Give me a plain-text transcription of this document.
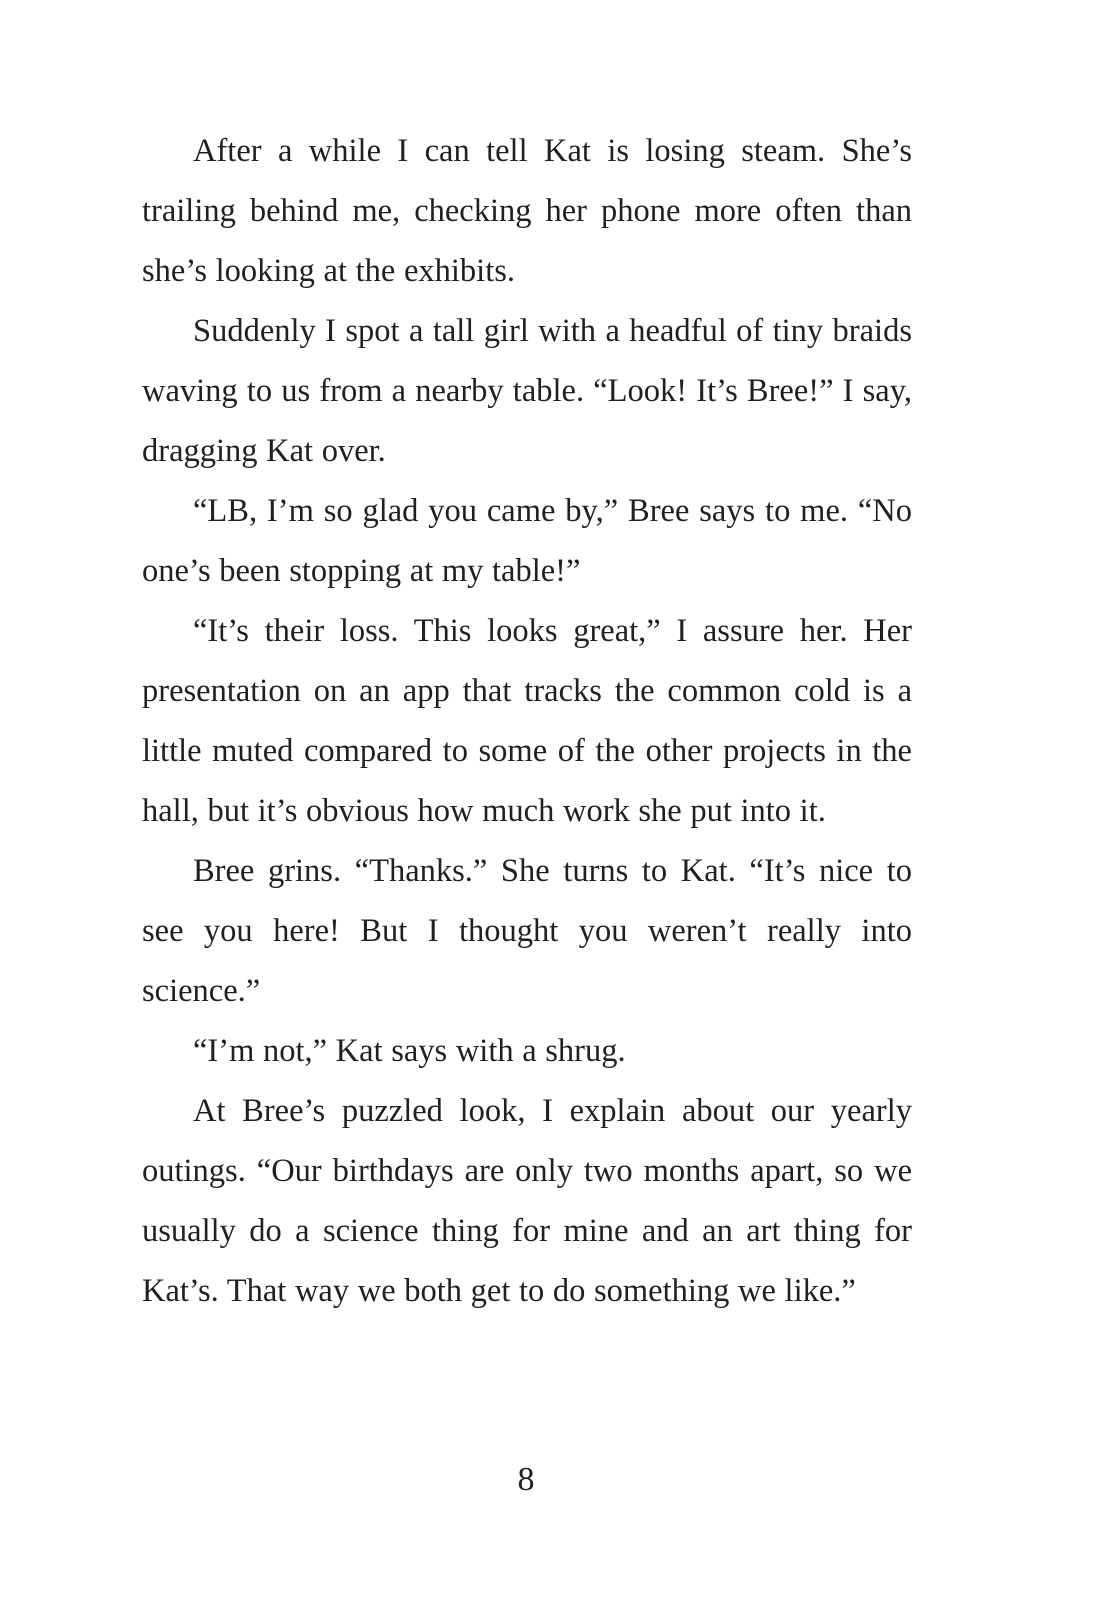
After a while I can tell Kat is losing steam. She’s trailing behind me, checking her phone more often than she’s looking at the exhibits.

Suddenly I spot a tall girl with a headful of tiny braids waving to us from a nearby table. “Look! It’s Bree!” I say, dragging Kat over.

“LB, I’m so glad you came by,” Bree says to me. “No one’s been stopping at my table!”

“It’s their loss. This looks great,” I assure her. Her presentation on an app that tracks the common cold is a little muted compared to some of the other projects in the hall, but it’s obvious how much work she put into it.

Bree grins. “Thanks.” She turns to Kat. “It’s nice to see you here! But I thought you weren’t really into science.”

“I’m not,” Kat says with a shrug.

At Bree’s puzzled look, I explain about our yearly outings. “Our birthdays are only two months apart, so we usually do a science thing for mine and an art thing for Kat’s. That way we both get to do something we like.”

8
